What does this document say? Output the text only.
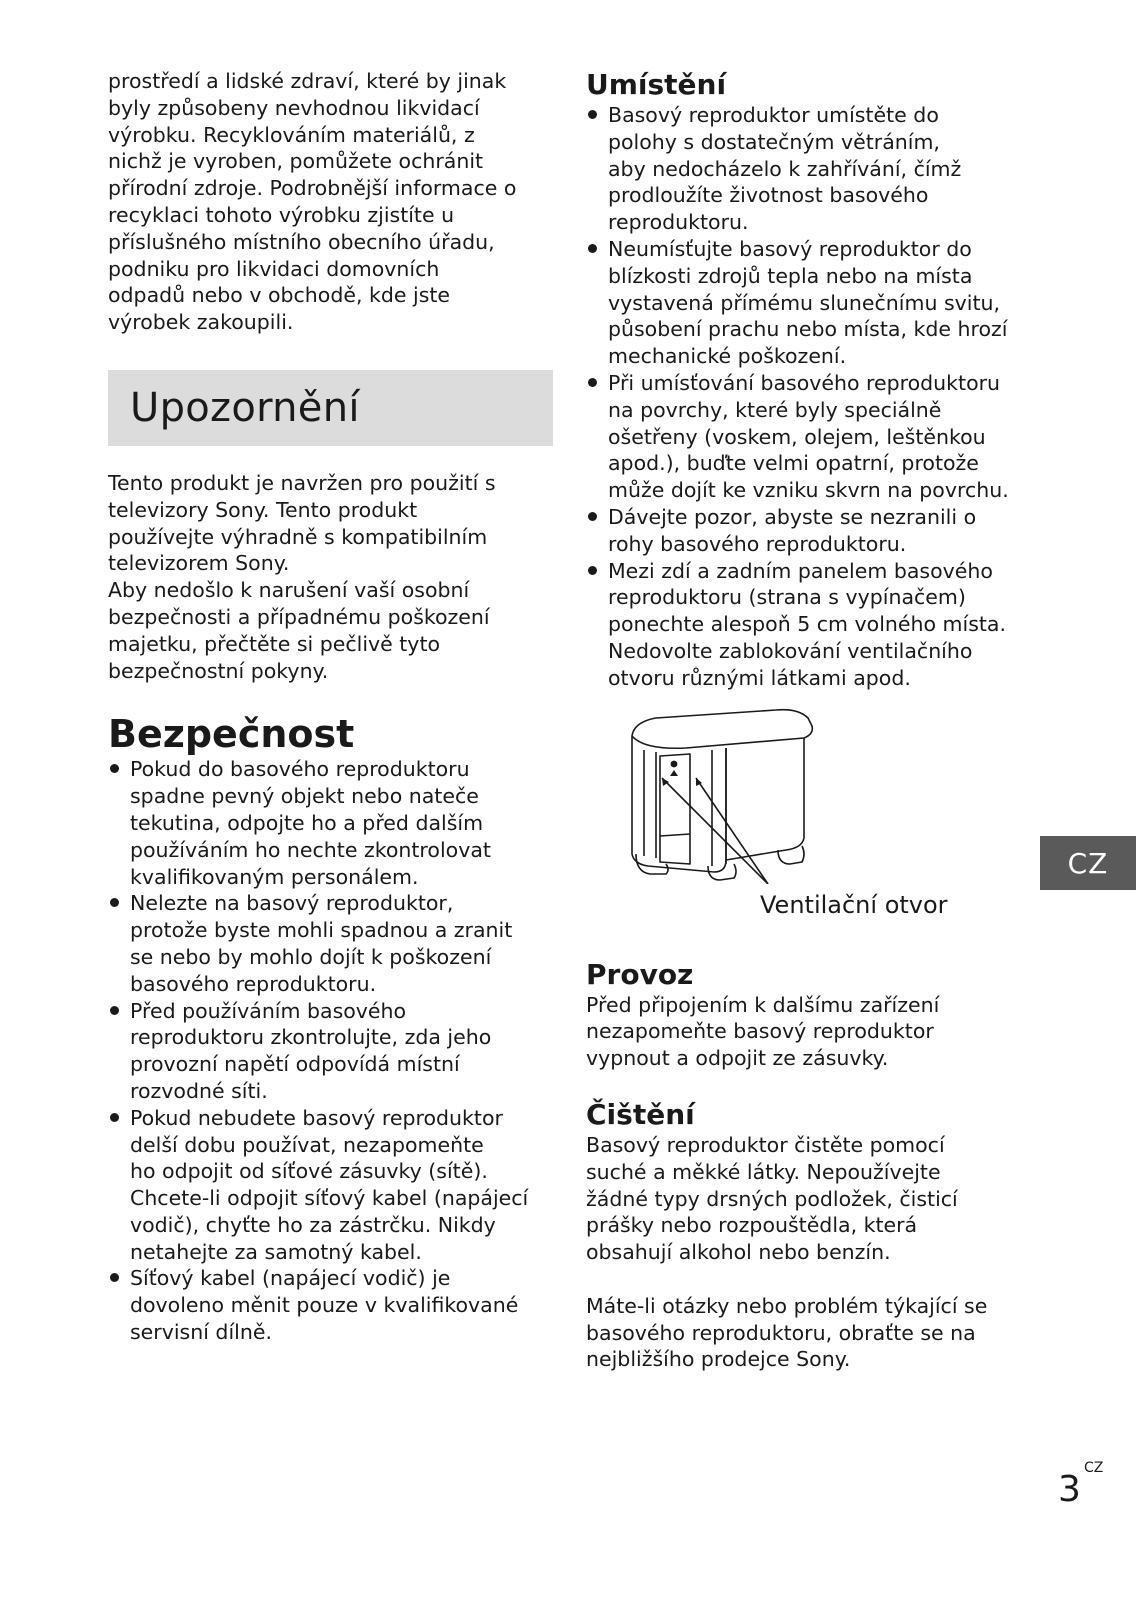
prostředí a lidské zdraví, které by jinak

byly způsobeny nevhodnou likvidací

výrobku. Recyklováním materiálů, z

nichž je vyroben, pomůžete ochránit

přírodní zdroje. Podrobnější informace o

recyklaci tohoto výrobku zjistíte u

příslušného místního obecního úřadu,

podniku pro likvidaci domovních

odpadů nebo v obchodě, kde jste

výrobek zakoupili.

Upozornění

Tento produkt je navržen pro použití s

televizory Sony. Tento produkt

používejte výhradně s kompatibilním

televizorem Sony.

Aby nedošlo k narušení vaší osobní

bezpečnosti a případnému poškození

majetku, přečtěte si pečlivě tyto

bezpečnostní pokyny.

Bezpečnost
Pokud do basového reproduktoru
spadne pevný objekt nebo nateče
tekutina, odpojte ho a před dalším
používáním ho nechte zkontrolovat
kvalifikovaným personálem.
Nelezte na basový reproduktor,
protože byste mohli spadnou a zranit
se nebo by mohlo dojít k poškození
basového reproduktoru.
Před používáním basového
reproduktoru zkontrolujte, zda jeho
provozní napětí odpovídá místní
rozvodné síti.
Pokud nebudete basový reproduktor
delší dobu používat, nezapomeňte
ho odpojit od síťové zásuvky (sítě).
Chcete-li odpojit síťový kabel (napájecí
vodič), chyťte ho za zástrčku. Nikdy
netahejte za samotný kabel.
Síťový kabel (napájecí vodič) je
dovoleno měnit pouze v kvalifikované
servisní dílně.
Umístění
Basový reproduktor umístěte do
polohy s dostatečným větráním,
aby nedocházelo k zahřívání, čímž
prodloužíte životnost basového
reproduktoru.
Neumísťujte basový reproduktor do
blízkosti zdrojů tepla nebo na místa
vystavená přímému slunečnímu svitu,
působení prachu nebo místa, kde hrozí
mechanické poškození.
Při umísťování basového reproduktoru
na povrchy, které byly speciálně
ošetřeny (voskem, olejem, leštěnkou
apod.), buďte velmi opatrní, protože
může dojít ke vzniku skvrn na povrchu.
Dávejte pozor, abyste se nezranili o
rohy basového reproduktoru.
Mezi zdí a zadním panelem basového
reproduktoru (strana s vypínačem)
ponechte alespoň 5 cm volného místa.
Nedovolte zablokování ventilačního
otvoru různými látkami apod.
Ventilační otvor
Provoz

Před připojením k dalšímu zařízení

nezapomeňte basový reproduktor

vypnout a odpojit ze zásuvky.

Čištění

Basový reproduktor čistěte pomocí

suché a měkké látky. Nepoužívejte

žádné typy drsných podložek, čisticí

prášky nebo rozpouštědla, která

obsahují alkohol nebo benzín.

Máte-li otázky nebo problém týkající se

basového reproduktoru, obraťte se na

nejbližšího prodejce Sony.

CZ
3
CZ
